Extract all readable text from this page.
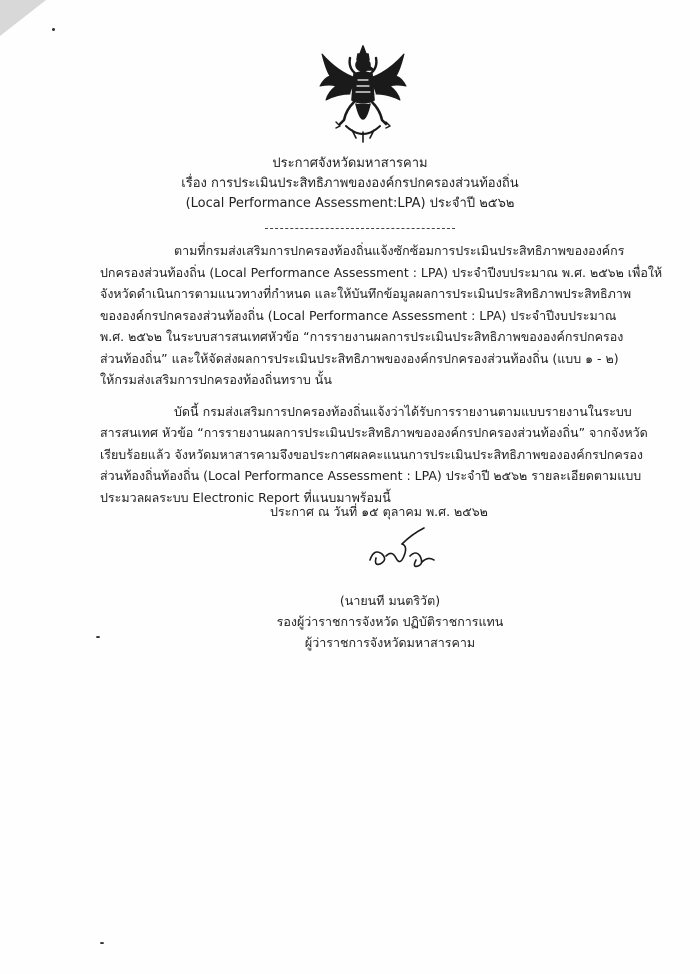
ประกาศจังหวัดมหาสารคาม
เรื่อง การประเมินประสิทธิภาพขององค์กรปกครองส่วนท้องถิ่น
(Local Performance Assessment:LPA) ประจำปี ๒๕๖๒
ตามที่กรมส่งเสริมการปกครองท้องถิ่นแจ้งซักซ้อมการประเมินประสิทธิภาพขององค์กร
ปกครองส่วนท้องถิ่น (Local Performance Assessment : LPA) ประจำปีงบประมาณ พ.ศ. ๒๕๖๒ เพื่อให้
จังหวัดดำเนินการตามแนวทางที่กำหนด และให้บันทึกข้อมูลผลการประเมินประสิทธิภาพประสิทธิภาพ
ขององค์กรปกครองส่วนท้องถิ่น (Local Performance Assessment : LPA) ประจำปีงบประมาณ
พ.ศ. ๒๕๖๒ ในระบบสารสนเทศหัวข้อ “การรายงานผลการประเมินประสิทธิภาพขององค์กรปกครอง
ส่วนท้องถิ่น” และให้จัดส่งผลการประเมินประสิทธิภาพขององค์กรปกครองส่วนท้องถิ่น (แบบ ๑ - ๒)
ให้กรมส่งเสริมการปกครองท้องถิ่นทราบ นั้น
บัดนี้ กรมส่งเสริมการปกครองท้องถิ่นแจ้งว่าได้รับการรายงานตามแบบรายงานในระบบ
สารสนเทศ หัวข้อ “การรายงานผลการประเมินประสิทธิภาพขององค์กรปกครองส่วนท้องถิ่น” จากจังหวัด
เรียบร้อยแล้ว จังหวัดมหาสารคามจึงขอประกาศผลคะแนนการประเมินประสิทธิภาพขององค์กรปกครอง
ส่วนท้องถิ่นท้องถิ่น (Local Performance Assessment : LPA) ประจำปี ๒๕๖๒ รายละเอียดตามแบบ
ประมวลผลระบบ Electronic Report ที่แนบมาพร้อมนี้
ประกาศ ณ วันที่ ๑๕ ตุลาคม พ.ศ. ๒๕๖๒
(นายนที มนตริวัต)
รองผู้ว่าราชการจังหวัด ปฏิบัติราชการแทน
ผู้ว่าราชการจังหวัดมหาสารคาม
